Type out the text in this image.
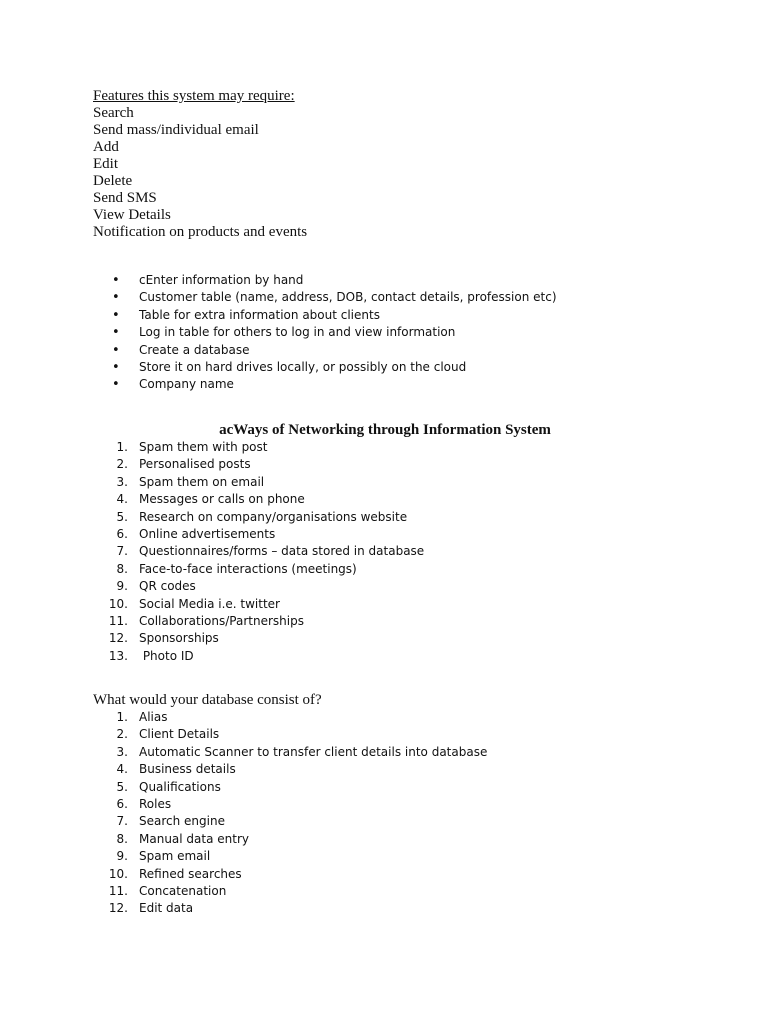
Features this system may require:
Search
Send mass/individual email
Add
Edit
Delete
Send SMS
View Details
Notification on products and events
• cEnter information by hand
• Customer table (name, address, DOB, contact details, profession etc)
• Table for extra information about clients
• Log in table for others to log in and view information
• Create a database
• Store it on hard drives locally, or possibly on the cloud
• Company name
acWays of Networking through Information System
1. Spam them with post
2. Personalised posts
3. Spam them on email
4. Messages or calls on phone
5. Research on company/organisations website
6. Online advertisements
7. Questionnaires/forms – data stored in database
8. Face-to-face interactions (meetings)
9. QR codes
10. Social Media i.e. twitter
11. Collaborations/Partnerships
12. Sponsorships
13. Photo ID
What would your database consist of?
1. Alias
2. Client Details
3. Automatic Scanner to transfer client details into database
4. Business details
5. Qualifications
6. Roles
7. Search engine
8. Manual data entry
9. Spam email
10. Refined searches
11. Concatenation
12. Edit data
